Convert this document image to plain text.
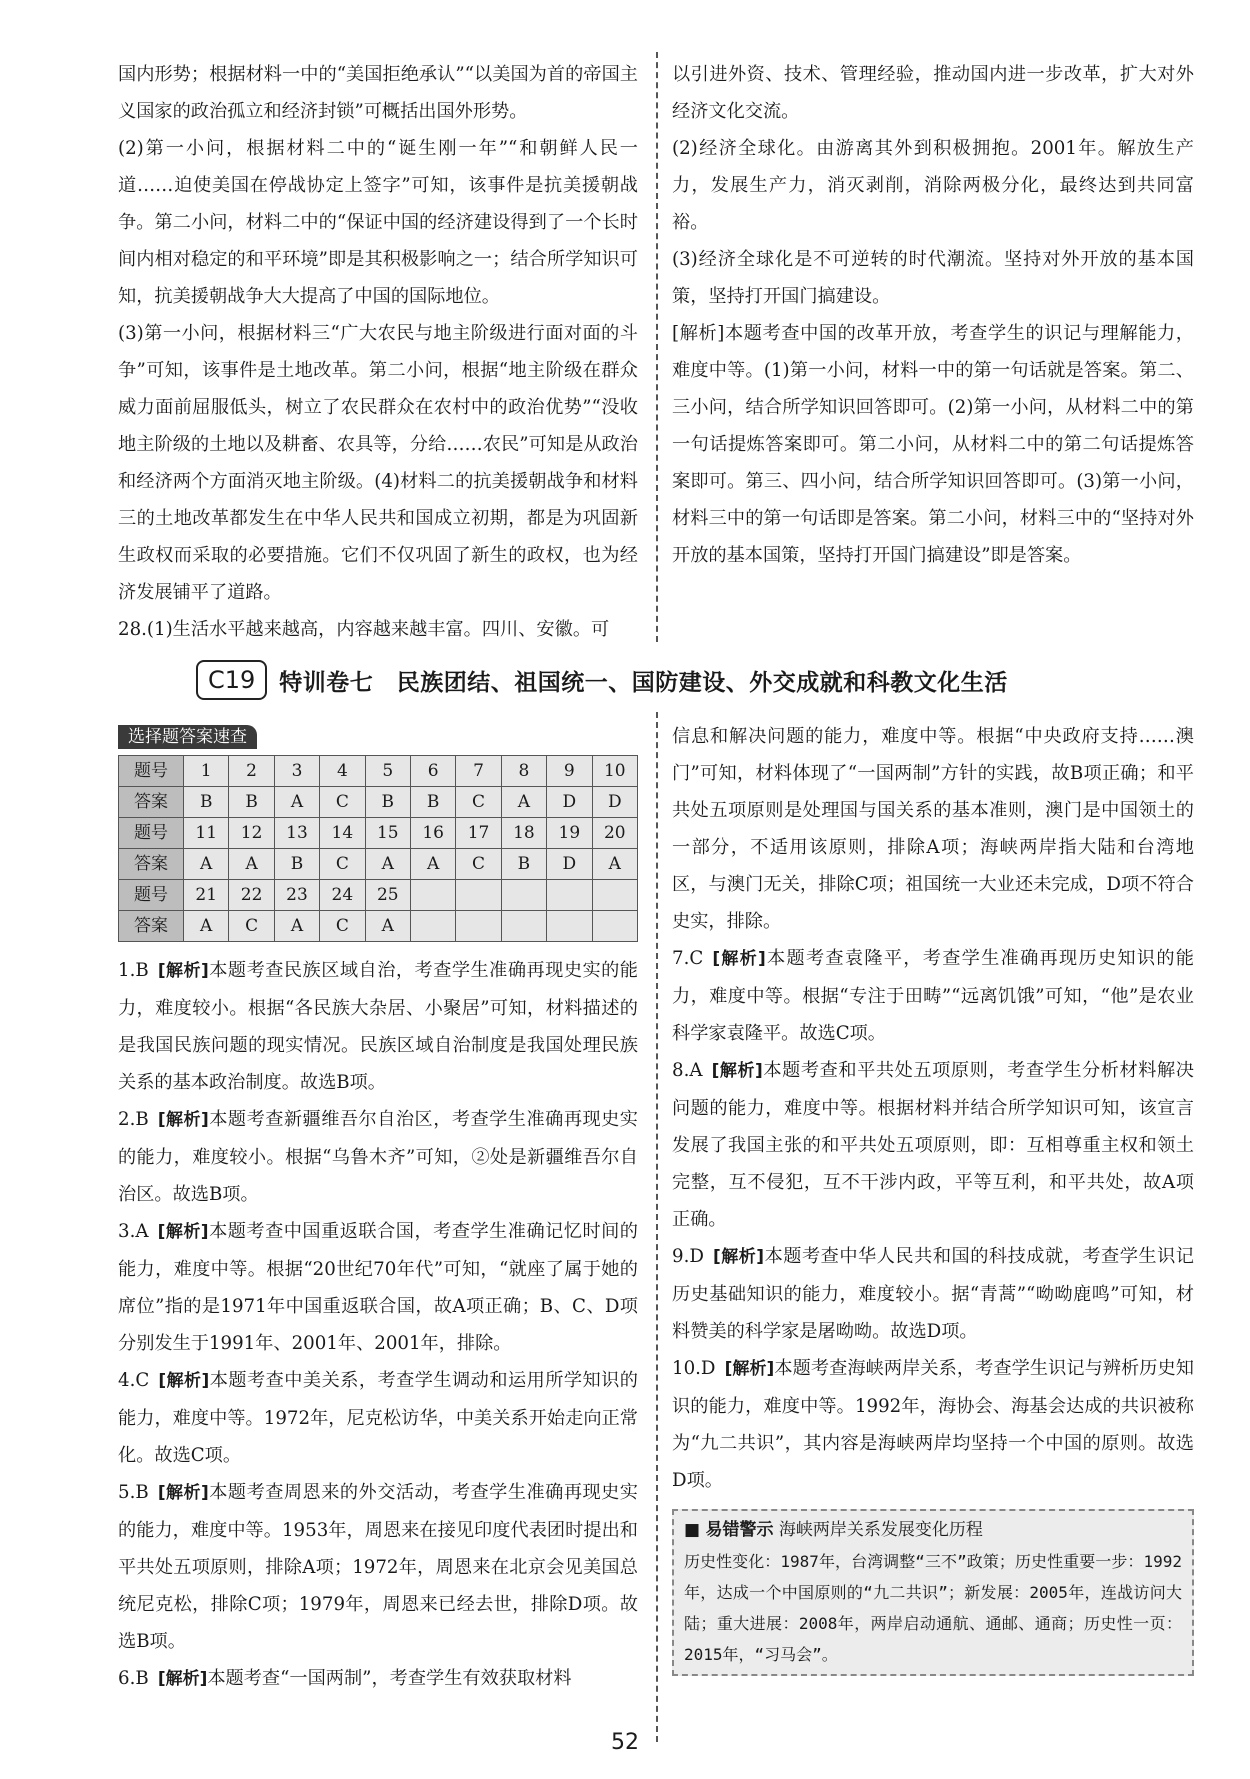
国内形势；根据材料一中的“美国拒绝承认”“以美国为首的帝国主义国家的政治孤立和经济封锁”可概括出国外形势。

(2)第一小问，根据材料二中的“诞生刚一年”“和朝鲜人民一道……迫使美国在停战协定上签字”可知，该事件是抗美援朝战争。第二小问，材料二中的“保证中国的经济建设得到了一个长时间内相对稳定的和平环境”即是其积极影响之一；结合所学知识可知，抗美援朝战争大大提高了中国的国际地位。

(3)第一小问，根据材料三“广大农民与地主阶级进行面对面的斗争”可知，该事件是土地改革。第二小问，根据“地主阶级在群众威力面前屈服低头，树立了农民群众在农村中的政治优势”“没收地主阶级的土地以及耕畜、农具等，分给……农民”可知是从政治和经济两个方面消灭地主阶级。(4)材料二的抗美援朝战争和材料三的土地改革都发生在中华人民共和国成立初期，都是为巩固新生政权而采取的必要措施。它们不仅巩固了新生的政权，也为经济发展铺平了道路。

28.(1)生活水平越来越高，内容越来越丰富。四川、安徽。可

以引进外资、技术、管理经验，推动国内进一步改革，扩大对外经济文化交流。

(2)经济全球化。由游离其外到积极拥抱。2001年。解放生产力，发展生产力，消灭剥削，消除两极分化，最终达到共同富裕。

(3)经济全球化是不可逆转的时代潮流。坚持对外开放的基本国策，坚持打开国门搞建设。

[解析]本题考查中国的改革开放，考查学生的识记与理解能力，难度中等。(1)第一小问，材料一中的第一句话就是答案。第二、三小问，结合所学知识回答即可。(2)第一小问，从材料二中的第一句话提炼答案即可。第二小问，从材料二中的第二句话提炼答案即可。第三、四小问，结合所学知识回答即可。(3)第一小问，材料三中的第一句话即是答案。第二小问，材料三中的“坚持对外开放的基本国策，坚持打开国门搞建设”即是答案。

C19	特训卷七　民族团结、祖国统一、国防建设、外交成就和科教文化生活
选择题答案速查
题号	1	2	3	4	5	6	7	8	9	10
答案	B	B	A	C	B	B	C	A	D	D
题号	11	12	13	14	15	16	17	18	19	20
答案	A	A	B	C	A	A	C	B	D	A
题号	21	22	23	24	25					
答案	A	C	A	C	A					

1.B  [解析]本题考查民族区域自治，考查学生准确再现史实的能力，难度较小。根据“各民族大杂居、小聚居”可知，材料描述的是我国民族问题的现实情况。民族区域自治制度是我国处理民族关系的基本政治制度。故选B项。

2.B  [解析]本题考查新疆维吾尔自治区，考查学生准确再现史实的能力，难度较小。根据“乌鲁木齐”可知，②处是新疆维吾尔自治区。故选B项。

3.A  [解析]本题考查中国重返联合国，考查学生准确记忆时间的能力，难度中等。根据“20世纪70年代”可知，“就座了属于她的席位”指的是1971年中国重返联合国，故A项正确；B、C、D项分别发生于1991年、2001年、2001年，排除。

4.C  [解析]本题考查中美关系，考查学生调动和运用所学知识的能力，难度中等。1972年，尼克松访华，中美关系开始走向正常化。故选C项。

5.B  [解析]本题考查周恩来的外交活动，考查学生准确再现史实的能力，难度中等。1953年，周恩来在接见印度代表团时提出和平共处五项原则，排除A项；1972年，周恩来在北京会见美国总统尼克松，排除C项；1979年，周恩来已经去世，排除D项。故选B项。

6.B  [解析]本题考查“一国两制”，考查学生有效获取材料

信息和解决问题的能力，难度中等。根据“中央政府支持……澳门”可知，材料体现了“一国两制”方针的实践，故B项正确；和平共处五项原则是处理国与国关系的基本准则，澳门是中国领土的一部分，不适用该原则，排除A项；海峡两岸指大陆和台湾地区，与澳门无关，排除C项；祖国统一大业还未完成，D项不符合史实，排除。

7.C  [解析]本题考查袁隆平，考查学生准确再现历史知识的能力，难度中等。根据“专注于田畴”“远离饥饿”可知，“他”是农业科学家袁隆平。故选C项。

8.A  [解析]本题考查和平共处五项原则，考查学生分析材料解决问题的能力，难度中等。根据材料并结合所学知识可知，该宣言发展了我国主张的和平共处五项原则，即：互相尊重主权和领土完整，互不侵犯，互不干涉内政，平等互利，和平共处，故A项正确。

9.D  [解析]本题考查中华人民共和国的科技成就，考查学生识记历史基础知识的能力，难度较小。据“青蒿”“呦呦鹿鸣”可知，材料赞美的科学家是屠呦呦。故选D项。

10.D  [解析]本题考查海峡两岸关系，考查学生识记与辨析历史知识的能力，难度中等。1992年，海协会、海基会达成的共识被称为“九二共识”，其内容是海峡两岸均坚持一个中国的原则。故选D项。

■ 易错警示 海峡两岸关系发展变化历程
历史性变化：1987年，台湾调整“三不”政策；历史性重要一步：1992年，达成一个中国原则的“九二共识”；新发展：2005年，连战访问大陆；重大进展：2008年，两岸启动通航、通邮、通商；历史性一页：2015年，“习马会”。
52
